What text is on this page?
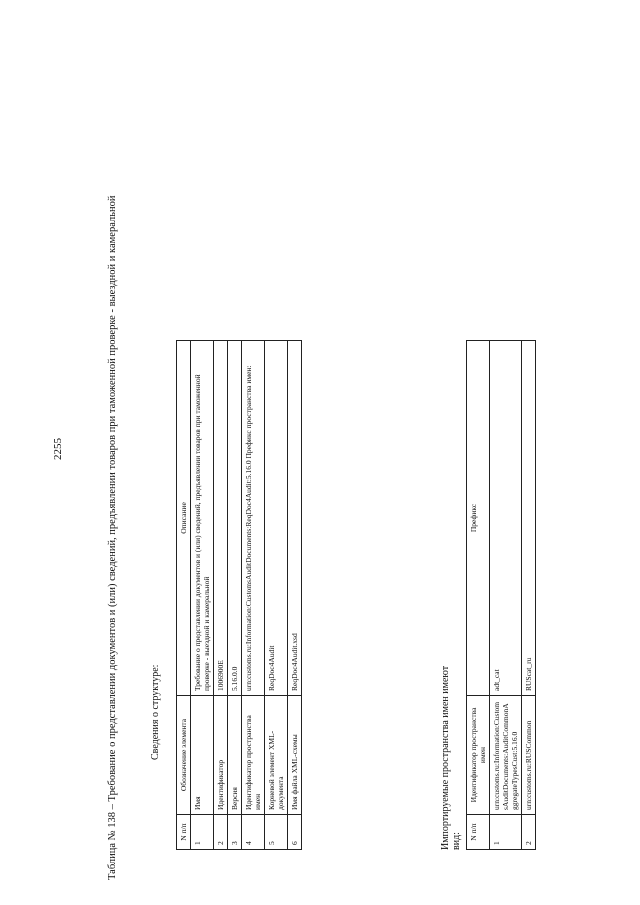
2255	Таблица № 138 – Требование о представлении документов и (или) сведений, предъявлении товаров при таможенной проверке - выездной и камеральной	Сведения о структуре:
N п/п	Обозначение элемента	Описание
1	Имя	Требование о представлении документов и (или) сведений, предъявлении товаров при таможенной проверке - выездной и камеральной
2	Идентификатор	1006900E
3	Версия	5.16.0.0
4	Идентификатор пространства имен	urn:customs.ru:Information:CustomsAuditDocuments:ReqDoc4Audit:5.16.0 Префикс пространства имен:
5	Корневой элемент XML-документа	ReqDoc4Audit
6	Имя файла XML-схемы	ReqDoc4Audit.xsd
Импортируемые пространства имен имеют вид:
N п/п	Идентификатор пространства имен	Префикс
1	urn:customs.ru:Information:CustomsAuditDocuments:AuditCommonAggregateTypesCust:5.16.0	adt_cat
2	urn:customs.ru:RUSCommon	RUScat_ru
